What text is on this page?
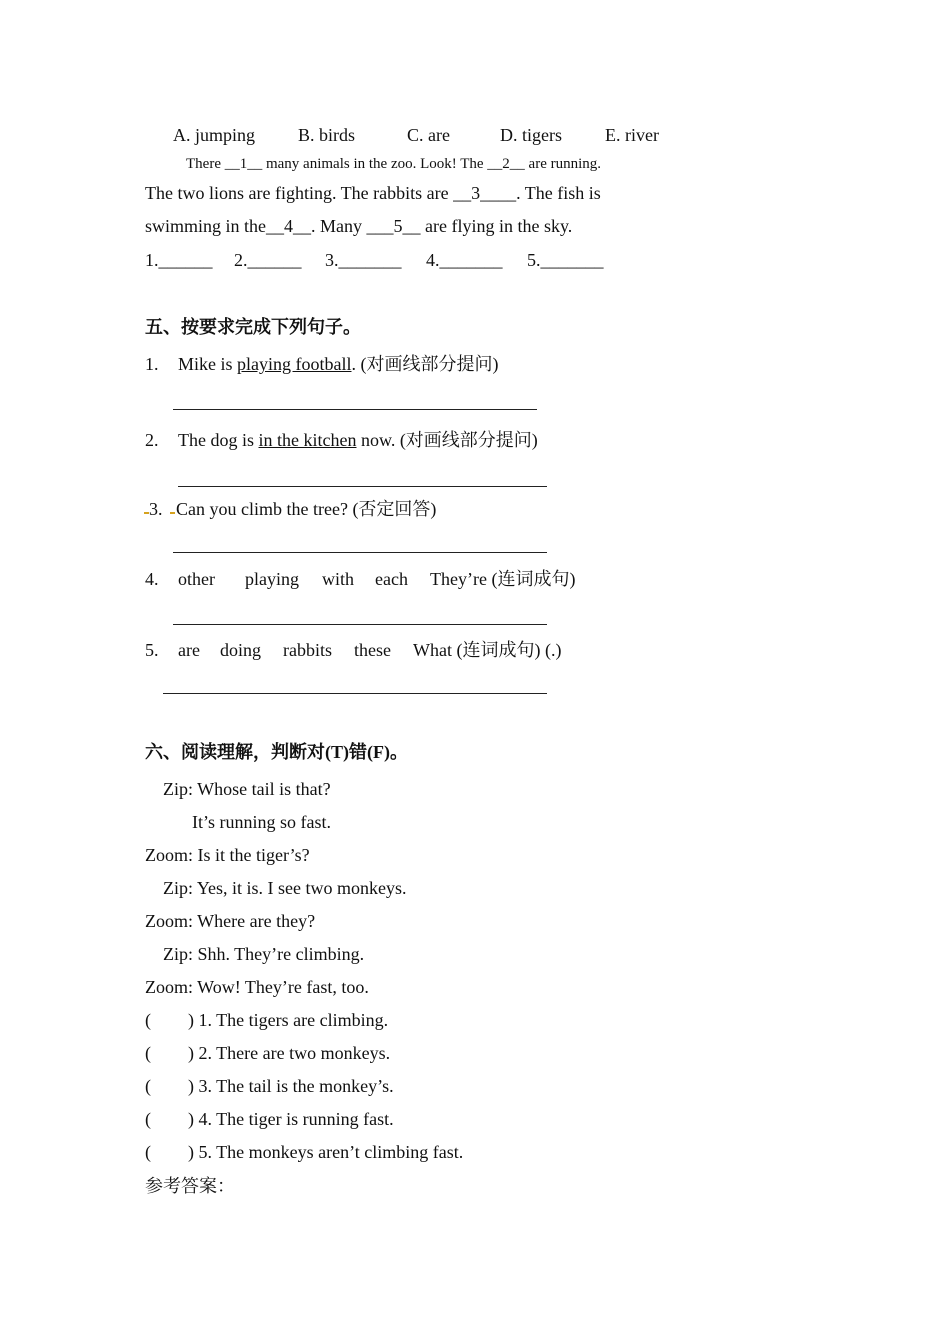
A. jumping B. birds	C. are	D. tigers E. river
There __1__ many animals in the zoo. Look! The __2__ are running.
The two lions are fighting. The rabbits are __3____. The fish is
swimming in the__4__. Many ___5__ are flying in the sky.
1.______ 2.______ 3._______ 4._______ 5._______
五、按要求完成下列句子。
1. Mike is playing football. (对画线部分提问)
2. The dog is in the kitchen now. (对画线部分提问)
3. Can you climb the tree? (否定回答)
4. other playing with each They’re (连词成句)
5. are doing rabbits these What (连词成句) (.)
六、阅读理解，判断对(T)错(F)。
Zip: Whose tail is that?
It’s running so fast.
Zoom: Is it the tiger’s?
Zip: Yes, it is. I see two monkeys.
Zoom: Where are they?
Zip: Shh. They’re climbing.
Zoom: Wow! They’re fast, too.
( ) 1. The tigers are climbing.
( ) 2. There are two monkeys.
( ) 3. The tail is the monkey’s.
( ) 4. The tiger is running fast.
( ) 5. The monkeys aren’t climbing fast.
参考答案：
